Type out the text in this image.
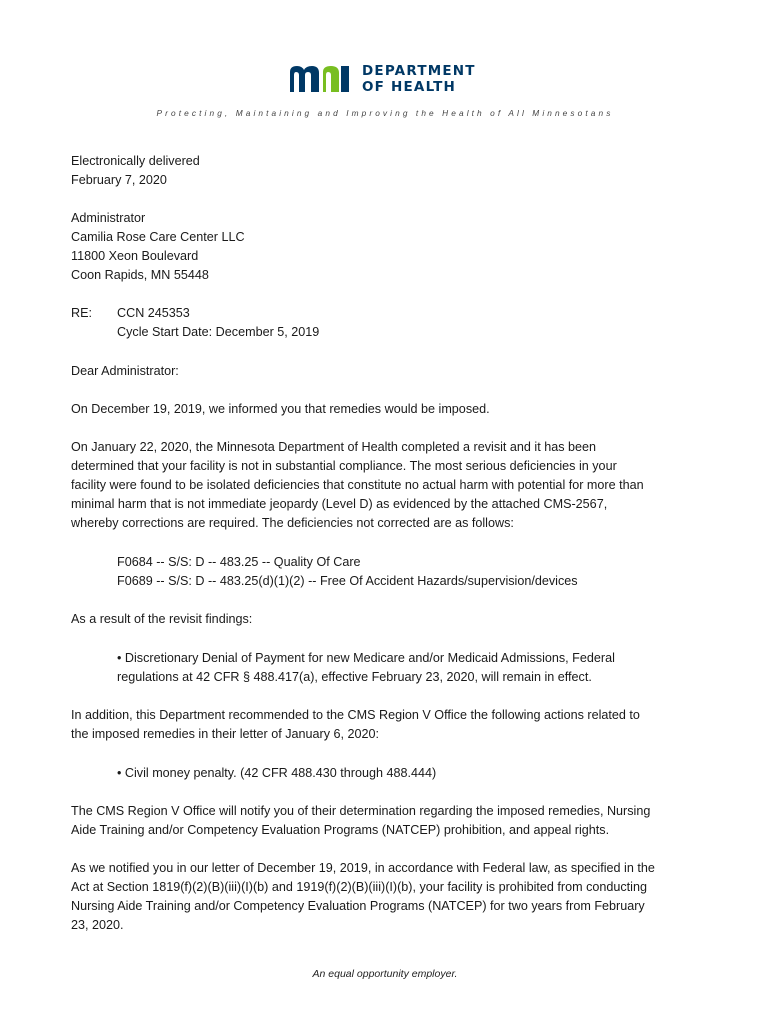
DEPARTMENT
OF HEALTH
Protecting, Maintaining and Improving the Health of All Minnesotans
Electronically delivered
February 7, 2020
Administrator
Camilia Rose Care Center LLC
11800 Xeon Boulevard
Coon Rapids, MN 55448
RE: CCN 245353
Cycle Start Date: December 5, 2019
Dear Administrator:
On December 19, 2019, we informed you that remedies would be imposed.
On January 22, 2020, the Minnesota Department of Health completed a revisit and it has been
determined that your facility is not in substantial compliance. The most serious deficiencies in your
facility were found to be isolated deficiencies that constitute no actual harm with potential for more than
minimal harm that is not immediate jeopardy (Level D) as evidenced by the attached CMS-2567,
whereby corrections are required. The deficiencies not corrected are as follows:
F0684 -- S/S: D -- 483.25 -- Quality Of Care
F0689 -- S/S: D -- 483.25(d)(1)(2) -- Free Of Accident Hazards/supervision/devices
As a result of the revisit findings:
• Discretionary Denial of Payment for new Medicare and/or Medicaid Admissions, Federal
regulations at 42 CFR § 488.417(a), effective February 23, 2020, will remain in effect.
In addition, this Department recommended to the CMS Region V Office the following actions related to
the imposed remedies in their letter of January 6, 2020:
• Civil money penalty. (42 CFR 488.430 through 488.444)
The CMS Region V Office will notify you of their determination regarding the imposed remedies, Nursing
Aide Training and/or Competency Evaluation Programs (NATCEP) prohibition, and appeal rights.
As we notified you in our letter of December 19, 2019, in accordance with Federal law, as specified in the
Act at Section 1819(f)(2)(B)(iii)(I)(b) and 1919(f)(2)(B)(iii)(I)(b), your facility is prohibited from conducting
Nursing Aide Training and/or Competency Evaluation Programs (NATCEP) for two years from February
23, 2020.
An equal opportunity employer.
